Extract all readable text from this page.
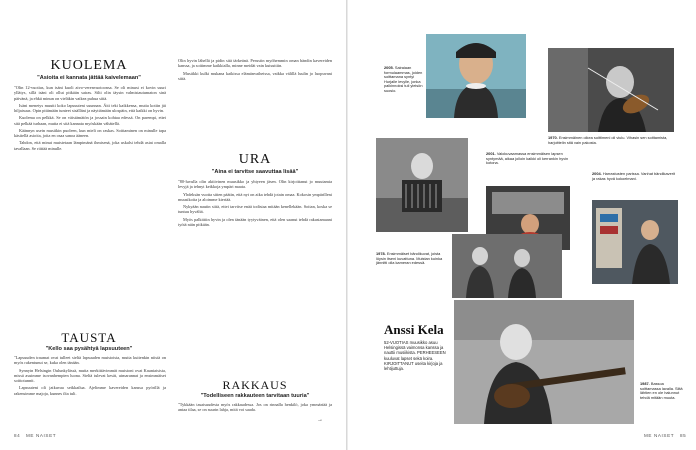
KUOLEMA

"Asioita ei kannata jättää kaivelemaan"

"Olin 12-vuotias, kun isäni kuoli aivo-verenvuotoonsa. Se oli minust ei kovin suuri yllätys, sillä isäni oli ollut pitkään sairas. Silti olin täysin valmistautumaton sinä päivänä, ja ehkä minun on vieläkin vaikea puhua siitä.

Isäni menetys muutti koko lapsuuteni suunnan. Äiti teki kaikkensa, mutta kotiin jäi hiljaisuus. Opin pitämään tunteet sisälläni ja näyttämään ulospäin, että kaikki on hyvin.

Kuolema on pelkkä. Se on väistämätön ja jossain kohtaa edessä. On parempi, ettei sitä pelkää turhaan, mutta ei sitä kannata myöskään vähätellä.

Käännyn usein musiikin puoleen, kun mieli on raskas. Soittaminen on minulle tapa käsitellä asioita, joita en osaa sanoa ääneen.

Tahdon, että minut muistetaan lämpimänä ihmisenä, joka uskalsi tehdä asiat omalla tavallaan. Se riittää minulle.

TAUSTA

"Kello saa pysähtyä lapsuuteen"

"Lapsuuden traumat ovat tulleet sieltä lapsuuden muistoista, mutta kuitenkin niistä on myös rakentunut se, kuka olen tänään.

Synnyin Helsingin Oulunkylässä, mutta merkittävimmät muistoni ovat Kauniaisista, missä asuimme isovanhempien luona. Sieltä tulevat kesät, uimarannat ja ensimmäiset soittotunnit.

Lapsuuteni oli jatkuvaa seikkailua. Ajelimme kavereiden kanssa pyörillä ja rakensimme majoja, kunnes ilta tuli.

Olin hyvin lähellä ja pidin sitä tärkeänä. Perustin myöhemmin oman bändin kavereiden kanssa, ja soitimme kaikkialla, minne meidät vain kutsuttiin.

Musiikki kulki mukana kaikissa elämänvaiheissa, vaikka välillä luulin jo luopuvani siitä.

URA

"Aina ei tarvitse saavuttaa lisää"

"80-luvulla olin aktiivinen muusikko ja yhtyeen jäsen. Olin kirjoittanut jo muutamia levyjä ja tehnyt keikkoja ympäri maata.

Yhdeksän vuotta sitten päätin, että nyt on aika tehdä jotain omaa. Kokosin ympärilleni muusikoita ja aloimme kiertää.

Nykyään nautin siitä, ettei tarvitse enää todistaa mitään kenellekään. Soitan, koska se tuntuu hyvältä.

Myös palkittiin hyvin ja olen tänään tyytyväinen, että olen saanut tehdä rakastamaani työtä näin pitkään.

RAKKAUS

"Todelliseen rakkauteen tarvitaan tuuria"

"Tykkään tasaisuudesta myös rakkaudessa. Jos on rinnalla henkilö, joka ymmärtää ja antaa tilaa, se on suurin lahja, mitä voi saada.

84 ME NAISET
→

2005. Sairaiaan formulaammas, joiden soittamana syntyi Hurjalle levylle, jonka palkinnoksi tuli yleisön suosio.

1970. Ensimmäinen oikea soittimeni oli viulu. Vihasin sen soittamista, harjoittelin sitä vain pakosta.

2001. Valokuvaamassa ensimmäisen lapsen syntymää, aikaa jolloin kaikki oli kerrankin hyvin kotona.

2004. Harrastusten parissa. Vanhat bändikaverit ja rakas hyvä kokoelmani.

1978. Ensimmäiset bändikuvat, joista löysin itseni kuvattuna. Muistan kuinka jännitti olla kameran edessä.

Anssi Kela

52-VUOTIAS muusikko asuu Helsingissä vaimonsa kanssa ja nauttii musiikista. PERHEESEEN kuuluvat lapset sekä koira. KIRJOITTANUT useita kirjoja ja lehtijuttuja.

1987. Bassoa soittamassa lavalla. Siitä lähtien en ole halunnut tehdä mitään muuta.

ME NAISET 85
